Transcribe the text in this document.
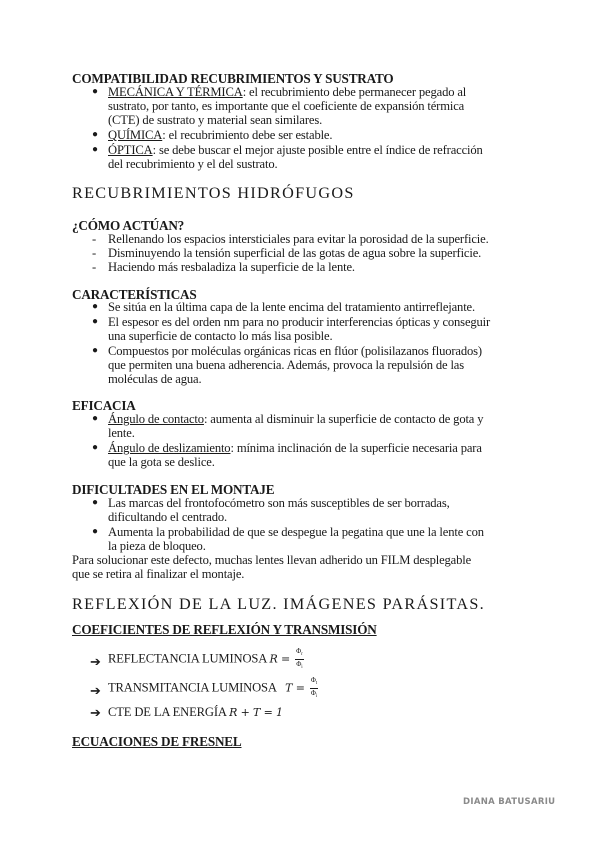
COMPATIBILIDAD RECUBRIMIENTOS Y SUSTRATO
● MECÁNICA Y TÉRMICA: el recubrimiento debe permanecer pegado al
sustrato, por tanto, es importante que el coeficiente de expansión térmica
(CTE) de sustrato y material sean similares.
● QUÍMICA: el recubrimiento debe ser estable.
● ÓPTICA: se debe buscar el mejor ajuste posible entre el índice de refracción
del recubrimiento y el del sustrato.
RECUBRIMIENTOS HIDRÓFUGOS
¿CÓMO ACTÚAN?
- Rellenando los espacios intersticiales para evitar la porosidad de la superficie.
- Disminuyendo la tensión superficial de las gotas de agua sobre la superficie.
- Haciendo más resbaladiza la superficie de la lente.
CARACTERÍSTICAS
● Se sitúa en la última capa de la lente encima del tratamiento antirreflejante.
● El espesor es del orden nm para no producir interferencias ópticas y conseguir
una superficie de contacto lo más lisa posible.
● Compuestos por moléculas orgánicas ricas en flúor (polisilazanos fluorados)
que permiten una buena adherencia. Además, provoca la repulsión de las
moléculas de agua.
EFICACIA
● Ángulo de contacto: aumenta al disminuir la superficie de contacto de gota y
lente.
● Ángulo de deslizamiento: mínima inclinación de la superficie necesaria para
que la gota se deslice.
DIFICULTADES EN EL MONTAJE
● Las marcas del frontofocómetro son más susceptibles de ser borradas,
dificultando el centrado.
● Aumenta la probabilidad de que se despegue la pegatina que une la lente con
la pieza de bloqueo.
Para solucionar este defecto, muchas lentes llevan adherido un FILM desplegable
que se retira al finalizar el montaje.
REFLEXIÓN DE LA LUZ. IMÁGENES PARÁSITAS.
COEFICIENTES DE REFLEXIÓN Y TRANSMISIÓN
➔ REFLECTANCIA LUMINOSA $R = \frac{\Phi_r}{\Phi_i}$
➔ TRANSMITANCIA LUMINOSA $T = \frac{\Phi_t}{\Phi_i}$
➔ CTE DE LA ENERGÍA R + T = 1
ECUACIONES DE FRESNEL
DIANA BATUSARIU
